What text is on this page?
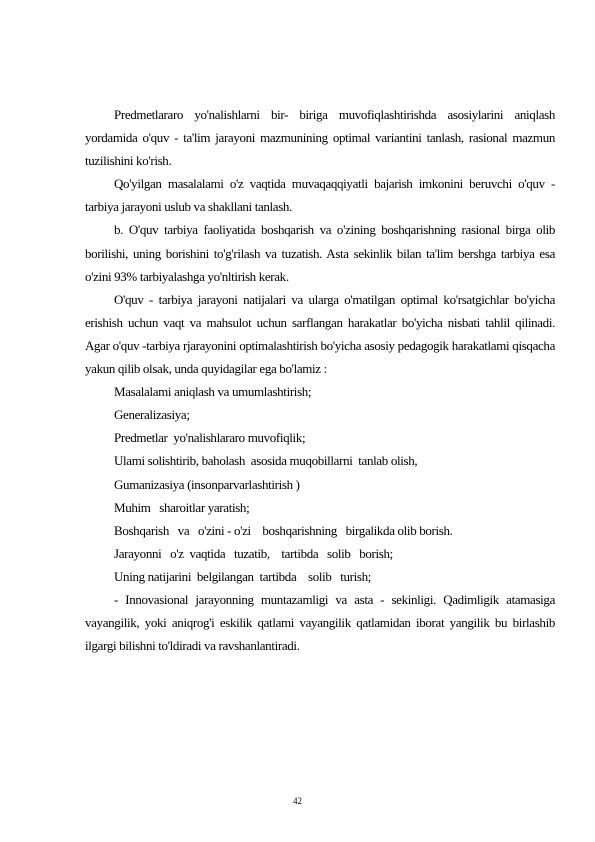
Predmetlararo yo'nalishlarni bir- biriga muvofiqlashtirishda asosiylarini aniqlash yordamida o'quv - ta'lim jarayoni mazmunining optimal variantini tanlash, rasional mazmun tuzilishini ko'rish.

Qo'yilgan masalalami o'z vaqtida muvaqaqqiyatli bajarish imkonini beruvchi o'quv - tarbiya jarayoni uslub va shakllani tanlash.

b. O'quv tarbiya faoliyatida boshqarish va o'zining boshqarishning rasional birga olib borilishi, uning borishini to'g'rilash va tuzatish. Asta sekinlik bilan ta'lim bershga tarbiya esa o'zini 93% tarbiyalashga yo'nltirish kerak.

O'quv - tarbiya jarayoni natijalari va ularga o'matilgan optimal ko'rsatgichlar bo'yicha erishish uchun vaqt va mahsulot uchun sarflangan harakatlar bo'yicha nisbati tahlil qilinadi. Agar o'quv -tarbiya rjarayonini optimalashtirish bo'yicha asosiy pedagogik harakatlami qisqacha yakun qilib olsak, unda quyidagilar ega bo'lamiz :

Masalalami aniqlash va umumlashtirish;

Generalizasiya;

Predmetlar  yo'nalishlararo muvofiqlik;

Ulami solishtirib, baholash  asosida muqobillarni  tanlab olish,

Gumanizasiya (insonparvarlashtirish )

Muhim   sharoitlar yaratish;

Boshqarish   va   o'zini - o'zi    boshqarishning   birgalikda olib borish.

Jarayonni   o'z  vaqtida   tuzatib,    tartibda   solib   borish;

Uning natijarini  belgilangan  tartibda    solib   turish;

- Innovasional jarayonning muntazamligi va asta - sekinligi. Qadimligik atamasiga vayangilik, yoki aniqrog'i eskilik qatlami vayangilik qatlamidan iborat yangilik bu birlashib ilgargi bilishni to'ldiradi va ravshanlantiradi.

42
